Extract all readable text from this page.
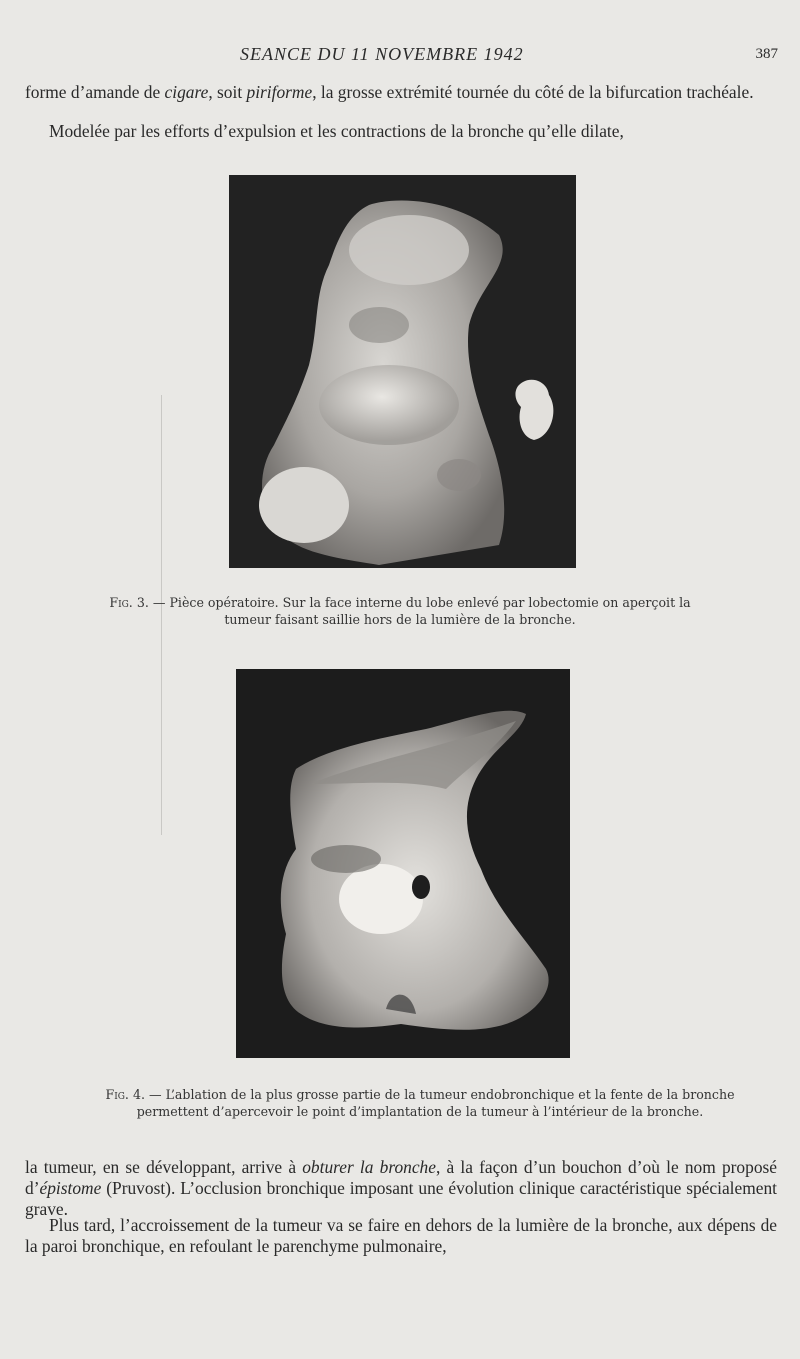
SEANCE DU 11 NOVEMBRE 1942	387
forme d’amande de cigare, soit piriforme, la grosse extrémité tournée du côté de la bifurcation trachéale.
Modelée par les efforts d’expulsion et les contractions de la bronche qu’elle dilate,
Fig. 3. — Pièce opératoire. Sur la face interne du lobe enlevé par lobectomie on aperçoit la tumeur faisant saillie hors de la lumière de la bronche.
Fig. 4. — L’ablation de la plus grosse partie de la tumeur endobronchique et la fente de la bronche permettent d’apercevoir le point d’implantation de la tumeur à l’intérieur de la bronche.
la tumeur, en se développant, arrive à obturer la bronche, à la façon d’un bouchon d’où le nom proposé d’épistome (Pruvost). L’occlusion bronchique imposant une évolution clinique caractéristique spécialement grave.
Plus tard, l’accroissement de la tumeur va se faire en dehors de la lumière de la bronche, aux dépens de la paroi bronchique, en refoulant le parenchyme pulmonaire,
